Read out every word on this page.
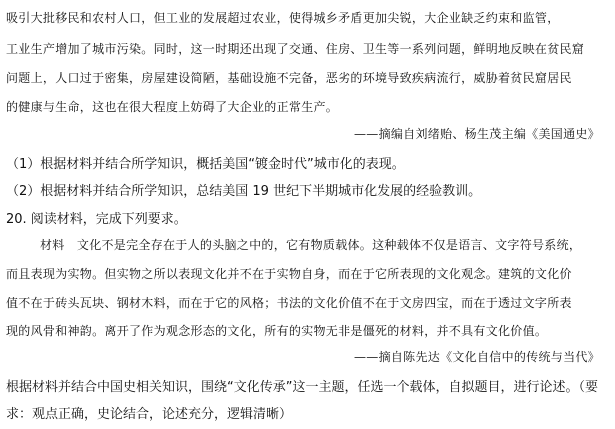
吸引大批移民和农村人口，但工业的发展超过农业，使得城乡矛盾更加尖锐，大企业缺乏约束和监管，
工业生产增加了城市污染。同时，这一时期还出现了交通、住房、卫生等一系列问题，鲜明地反映在贫民窟
问题上，人口过于密集，房屋建设简陋，基础设施不完备，恶劣的环境导致疾病流行，威胁着贫民窟居民
的健康与生命，这也在很大程度上妨碍了大企业的正常生产。
——摘编自刘绪贻、杨生茂主编《美国通史》
（1）根据材料并结合所学知识，概括美国“镀金时代”城市化的表现。
（2）根据材料并结合所学知识，总结美国 19 世纪下半期城市化发展的经验教训。
20. 阅读材料，完成下列要求。
材料　文化不是完全存在于人的头脑之中的，它有物质载体。这种载体不仅是语言、文字符号系统，
而且表现为实物。但实物之所以表现文化并不在于实物自身，而在于它所表现的文化观念。建筑的文化价
值不在于砖头瓦块、钢材木料，而在于它的风格；书法的文化价值不在于文房四宝，而在于透过文字所表
现的风骨和神韵。离开了作为观念形态的文化，所有的实物无非是僵死的材料，并不具有文化价值。
——摘自陈先达《文化自信中的传统与当代》
根据材料并结合中国史相关知识，围绕“文化传承”这一主题，任选一个载体，自拟题目，进行论述。（要
求：观点正确，史论结合，论述充分，逻辑清晰）
